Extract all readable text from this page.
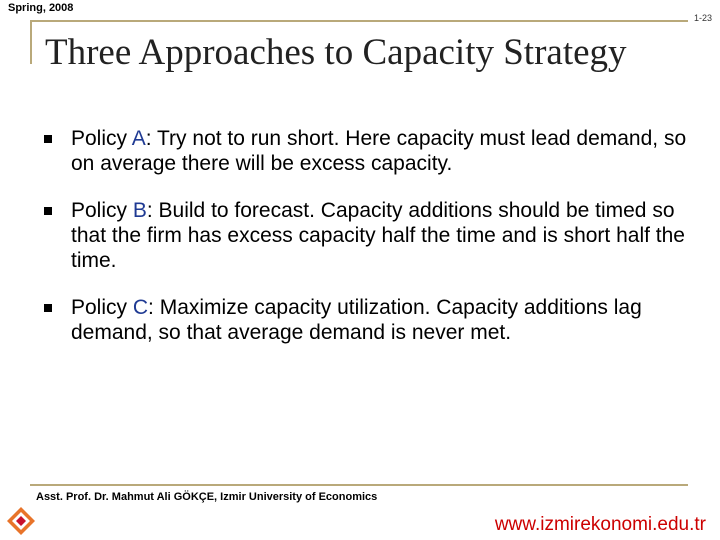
Spring, 2008
1-23
Three Approaches to Capacity Strategy
Policy A: Try not to run short. Here capacity must lead demand, so on average there will be excess capacity.
Policy B: Build to forecast. Capacity additions should be timed so that the firm has excess capacity half the time and is short half the time.
Policy C: Maximize capacity utilization. Capacity additions lag demand, so that average demand is never met.
Asst. Prof. Dr. Mahmut Ali GÖKÇE, Izmir University of Economics
www.izmirekonomi.edu.tr
